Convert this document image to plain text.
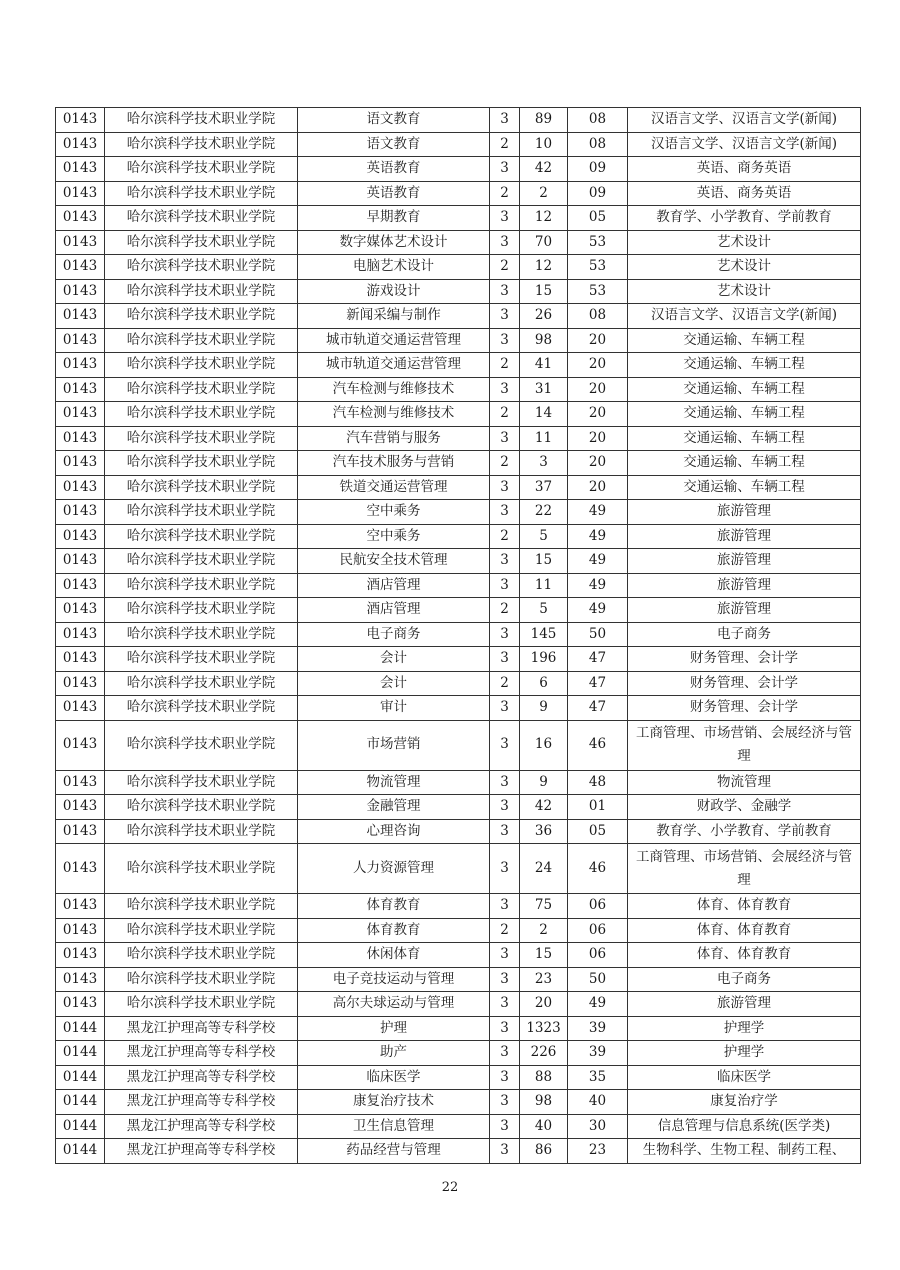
0143	哈尔滨科学技术职业学院	语文教育	3	89	08	汉语言文学、汉语言文学(新闻)
0143	哈尔滨科学技术职业学院	语文教育	2	10	08	汉语言文学、汉语言文学(新闻)
0143	哈尔滨科学技术职业学院	英语教育	3	42	09	英语、商务英语
0143	哈尔滨科学技术职业学院	英语教育	2	2	09	英语、商务英语
0143	哈尔滨科学技术职业学院	早期教育	3	12	05	教育学、小学教育、学前教育
0143	哈尔滨科学技术职业学院	数字媒体艺术设计	3	70	53	艺术设计
0143	哈尔滨科学技术职业学院	电脑艺术设计	2	12	53	艺术设计
0143	哈尔滨科学技术职业学院	游戏设计	3	15	53	艺术设计
0143	哈尔滨科学技术职业学院	新闻采编与制作	3	26	08	汉语言文学、汉语言文学(新闻)
0143	哈尔滨科学技术职业学院	城市轨道交通运营管理	3	98	20	交通运输、车辆工程
0143	哈尔滨科学技术职业学院	城市轨道交通运营管理	2	41	20	交通运输、车辆工程
0143	哈尔滨科学技术职业学院	汽车检测与维修技术	3	31	20	交通运输、车辆工程
0143	哈尔滨科学技术职业学院	汽车检测与维修技术	2	14	20	交通运输、车辆工程
0143	哈尔滨科学技术职业学院	汽车营销与服务	3	11	20	交通运输、车辆工程
0143	哈尔滨科学技术职业学院	汽车技术服务与营销	2	3	20	交通运输、车辆工程
0143	哈尔滨科学技术职业学院	铁道交通运营管理	3	37	20	交通运输、车辆工程
0143	哈尔滨科学技术职业学院	空中乘务	3	22	49	旅游管理
0143	哈尔滨科学技术职业学院	空中乘务	2	5	49	旅游管理
0143	哈尔滨科学技术职业学院	民航安全技术管理	3	15	49	旅游管理
0143	哈尔滨科学技术职业学院	酒店管理	3	11	49	旅游管理
0143	哈尔滨科学技术职业学院	酒店管理	2	5	49	旅游管理
0143	哈尔滨科学技术职业学院	电子商务	3	145	50	电子商务
0143	哈尔滨科学技术职业学院	会计	3	196	47	财务管理、会计学
0143	哈尔滨科学技术职业学院	会计	2	6	47	财务管理、会计学
0143	哈尔滨科学技术职业学院	审计	3	9	47	财务管理、会计学
0143	哈尔滨科学技术职业学院	市场营销	3	16	46	工商管理、市场营销、会展经济与管理
0143	哈尔滨科学技术职业学院	物流管理	3	9	48	物流管理
0143	哈尔滨科学技术职业学院	金融管理	3	42	01	财政学、金融学
0143	哈尔滨科学技术职业学院	心理咨询	3	36	05	教育学、小学教育、学前教育
0143	哈尔滨科学技术职业学院	人力资源管理	3	24	46	工商管理、市场营销、会展经济与管理
0143	哈尔滨科学技术职业学院	体育教育	3	75	06	体育、体育教育
0143	哈尔滨科学技术职业学院	体育教育	2	2	06	体育、体育教育
0143	哈尔滨科学技术职业学院	休闲体育	3	15	06	体育、体育教育
0143	哈尔滨科学技术职业学院	电子竞技运动与管理	3	23	50	电子商务
0143	哈尔滨科学技术职业学院	高尔夫球运动与管理	3	20	49	旅游管理
0144	黑龙江护理高等专科学校	护理	3	1323	39	护理学
0144	黑龙江护理高等专科学校	助产	3	226	39	护理学
0144	黑龙江护理高等专科学校	临床医学	3	88	35	临床医学
0144	黑龙江护理高等专科学校	康复治疗技术	3	98	40	康复治疗学
0144	黑龙江护理高等专科学校	卫生信息管理	3	40	30	信息管理与信息系统(医学类)
0144	黑龙江护理高等专科学校	药品经营与管理	3	86	23	生物科学、生物工程、制药工程、
22
